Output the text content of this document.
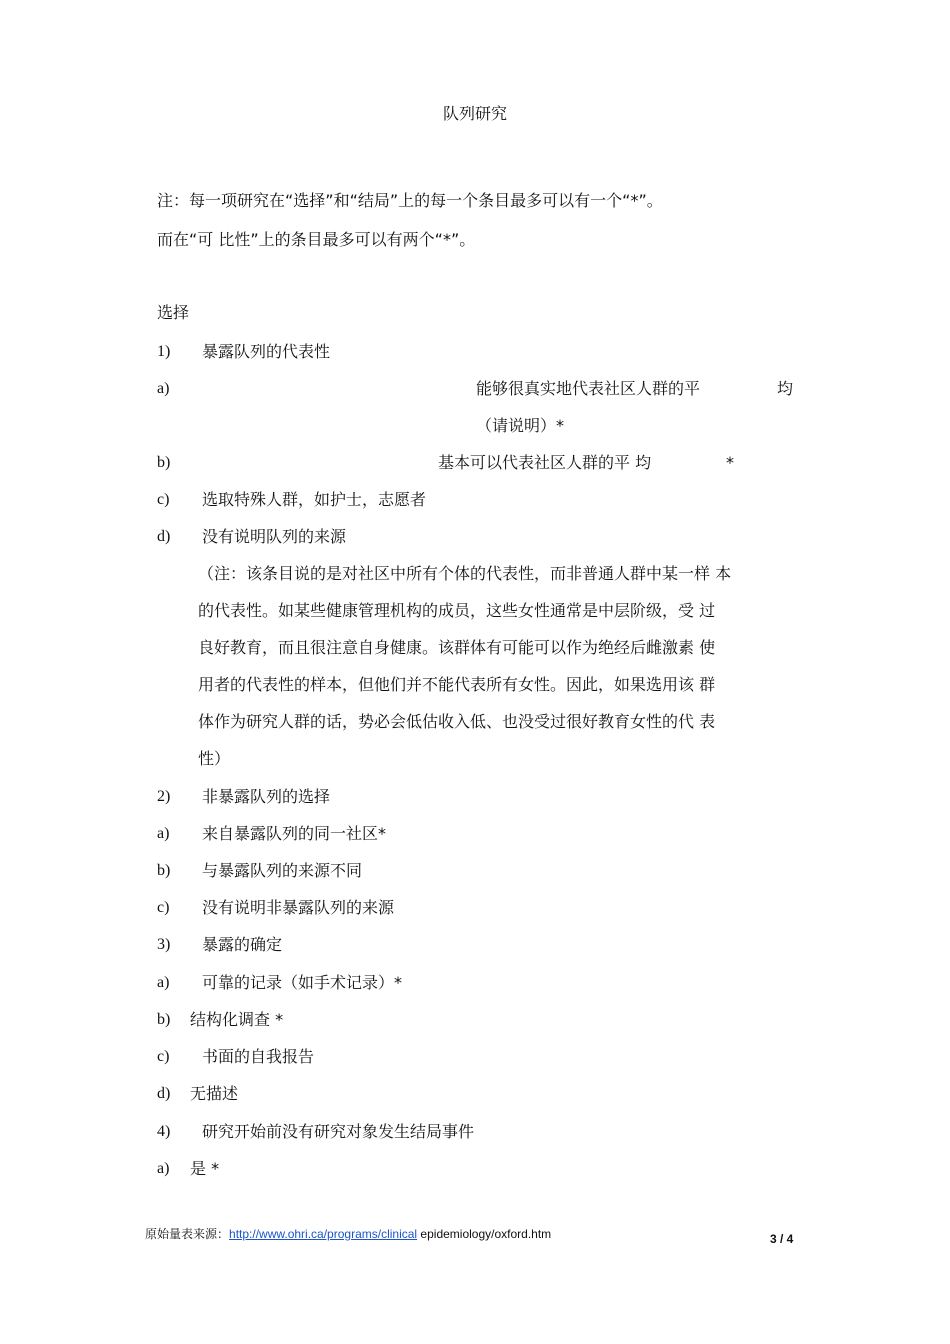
队列研究
注：每一项研究在“选择”和“结局”上的每一个条目最多可以有一个“*”。
而在“可 比性”上的条目最多可以有两个“*”。
选择
1) 暴露队列的代表性
a)	能够很真实地代表社区人群的平	均
（请说明）*
b)	基本可以代表社区人群的平 均	*
c) 选取特殊人群，如护士，志愿者
d) 没有说明队列的来源
（注：该条目说的是对社区中所有个体的代表性，而非普通人群中某一样 本
的代表性。如某些健康管理机构的成员，这些女性通常是中层阶级，受 过
良好教育，而且很注意自身健康。该群体有可能可以作为绝经后雌激素 使
用者的代表性的样本，但他们并不能代表所有女性。因此，如果选用该 群
体作为研究人群的话，势必会低估收入低、也没受过很好教育女性的代 表
性）
2) 非暴露队列的选择
a) 来自暴露队列的同一社区*
b) 与暴露队列的来源不同
c) 没有说明非暴露队列的来源
3) 暴露的确定
a) 可靠的记录（如手术记录）*
b) 结构化调查 *
c) 书面的自我报告
d) 无描述
4) 研究开始前没有研究对象发生结局事件
a) 是 *
原始量表来源：http://www.ohri.ca/programs/clinical epidemiology/oxford.htm	3 / 4
